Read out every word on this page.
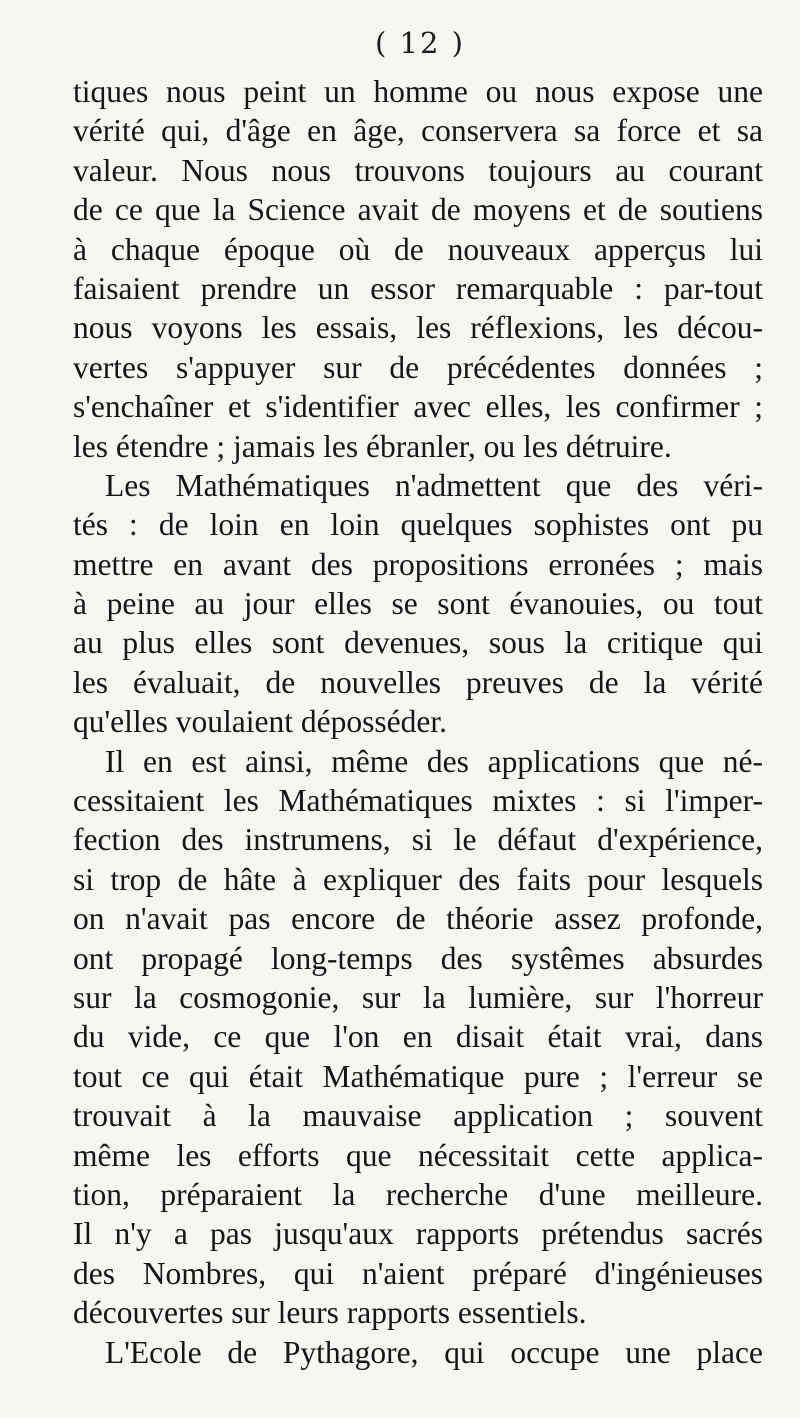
( 12 )
tiques nous peint un homme ou nous expose une
vérité qui, d'âge en âge, conservera sa force et sa
valeur. Nous nous trouvons toujours au courant
de ce que la Science avait de moyens et de soutiens
à chaque époque où de nouveaux apperçus lui
faisaient prendre un essor remarquable : par-tout
nous voyons les essais, les réflexions, les décou-
vertes s'appuyer sur de précédentes données ;
s'enchaîner et s'identifier avec elles, les confirmer ;
les étendre ; jamais les ébranler, ou les détruire.
Les Mathématiques n'admettent que des véri-
tés : de loin en loin quelques sophistes ont pu
mettre en avant des propositions erronées ; mais
à peine au jour elles se sont évanouies, ou tout
au plus elles sont devenues, sous la critique qui
les évaluait, de nouvelles preuves de la vérité
qu'elles voulaient déposséder.
Il en est ainsi, même des applications que né-
cessitaient les Mathématiques mixtes : si l'imper-
fection des instrumens, si le défaut d'expérience,
si trop de hâte à expliquer des faits pour lesquels
on n'avait pas encore de théorie assez profonde,
ont propagé long-temps des systêmes absurdes
sur la cosmogonie, sur la lumière, sur l'horreur
du vide, ce que l'on en disait était vrai, dans
tout ce qui était Mathématique pure ; l'erreur se
trouvait à la mauvaise application ; souvent
même les efforts que nécessitait cette applica-
tion, préparaient la recherche d'une meilleure.
Il n'y a pas jusqu'aux rapports prétendus sacrés
des Nombres, qui n'aient préparé d'ingénieuses
découvertes sur leurs rapports essentiels.
L'Ecole de Pythagore, qui occupe une place
